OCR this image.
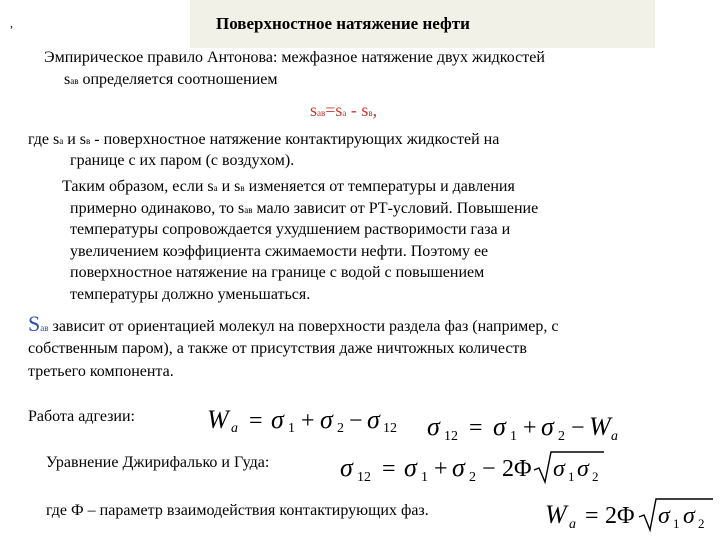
,	Поверхностное натяжение нефти
Эмпирическое правило Антонова: межфазное натяжение двух жидкостей
sав определяется соотношением
sав=sа - sв,
где sа и sв - поверхностное натяжение контактирующих жидкостей на
границе с их паром (с воздухом).
Таким образом, если sа и sв изменяется от температуры и давления
примерно одинаково, то sав мало зависит от РТ-условий. Повышение
температуры сопровождается ухудшением растворимости газа и
увеличением коэффициента сжимаемости нефти. Поэтому ее
поверхностное натяжение на границе с водой с повышением
температуры должно уменьшаться.
Sав зависит от ориентацией молекул на поверхности раздела фаз (например, с
собственным паром), а также от присутствия даже ничтожных количеств
третьего компонента.
Работа адгезии:	W a = σ 1 + σ 2 − σ 12 σ 12 = σ 1 + σ 2 − W a
Уравнение Джирифалько и Гуда:	σ 12 = σ 1 + σ 2 − 2Φ σ 1 σ 2
где Ф – параметр взаимодействия контактирующих фаз.	W a = 2Φ σ 1 σ 2
